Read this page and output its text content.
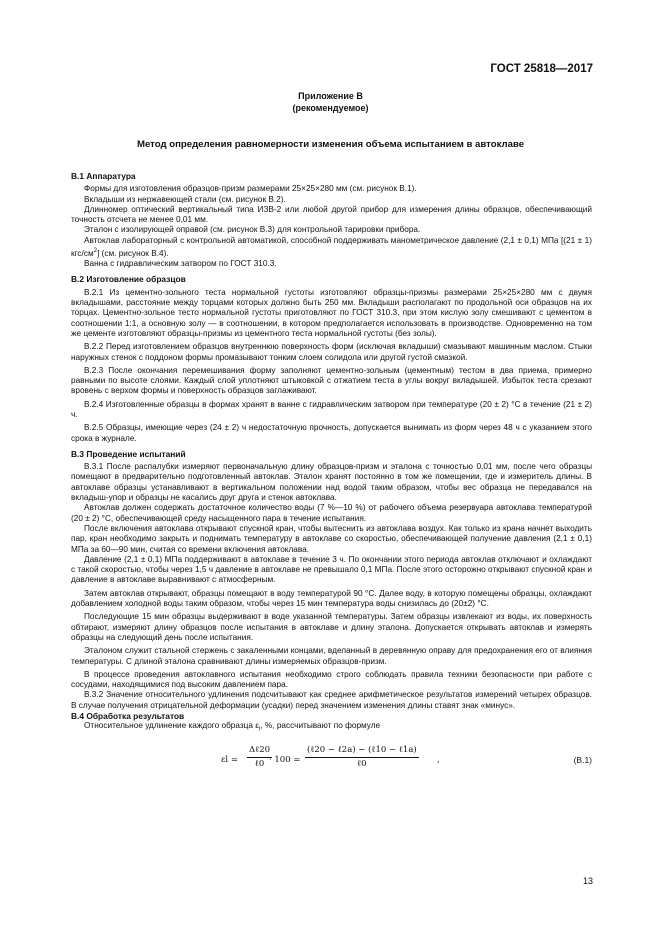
ГОСТ 25818—2017
Приложение В
(рекомендуемое)
Метод определения равномерности изменения объема испытанием в автоклаве
В.1 Аппаратура

Формы для изготовления образцов-призм размерами 25×25×280 мм (см. рисунок В.1).

Вкладыши из нержавеющей стали (см. рисунок В.2).

Длинномер оптический вертикальный типа ИЗВ-2 или любой другой прибор для измерения длины образцов, обеспечивающий точность отсчета не менее 0,01 мм.

Эталон с изолирующей оправой (см. рисунок В.3) для контрольной тарировки прибора.

Автоклав лабораторный с контрольной автоматикой, способной поддерживать манометрическое давление (2,1 ± 0,1) МПа [(21 ± 1) кгс/$см^2$] (см. рисунок В.4).

Ванна с гидравлическим затвором по ГОСТ 310.3.

В.2 Изготовление образцов

В.2.1 Из цементно-зольного теста нормальной густоты изготовляют образцы-призмы размерами 25×25×280 мм с двумя вкладышами, расстояние между торцами которых должно быть 250 мм. Вкладыши располагают по продольной оси образцов на их торцах. Цементно-зольное тесто нормальной густоты приготовляют по ГОСТ 310.3, при этом кислую золу смешивают с цементом в соотношении 1:1, а основную золу — в соотношении, в котором предполагается использовать в производстве. Одновременно на том же цементе изготовляют образцы-призмы из цементного теста нормальной густоты (без золы).

В.2.2 Перед изготовлением образцов внутреннюю поверхность форм (исключая вкладыши) смазывают машинным маслом. Стыки наружных стенок с поддоном формы промазывают тонким слоем солидола или другой густой смазкой.

В.2.3 После окончания перемешивания форму заполняют цементно-зольным (цементным) тестом в два приема, примерно равными по высоте слоями. Каждый слой уплотняют штыковкой с отжатием теста в углы вокруг вкладышей. Избыток теста срезают вровень с верхом формы и поверхность образцов заглаживают.

В.2.4 Изготовленные образцы в формах хранят в ванне с гидравлическим затвором при температуре (20 ± 2) °С в течение (21 ± 2) ч.

В.2.5 Образцы, имеющие через (24 ± 2) ч недостаточную прочность, допускается вынимать из форм через 48 ч с указанием этого срока в журнале.

В.3 Проведение испытаний

В.3.1 После распалубки измеряют первоначальную длину образцов-призм и эталона с точностью 0,01 мм, после чего образцы помещают в предварительно подготовленный автоклав. Эталон хранят постоянно в том же помещении, где и измеритель длины. В автоклаве образцы устанавливают в вертикальном положении над водой таким образом, чтобы вес образца не передавался на вкладыш-упор и образцы не касались друг друга и стенок автоклава.

Автоклав должен содержать достаточное количество воды (7 %—10 %) от рабочего объема резервуара автоклава температурой (20 ± 2) °С, обеспечивающей среду насыщенного пара в течение испытания.

После включения автоклава открывают спускной кран, чтобы вытеснить из автоклава воздух. Как только из крана начнет выходить пар, кран необходимо закрыть и поднимать температуру в автоклаве со скоростью, обеспечивающей получение давления (2,1 ± 0,1) МПа за 60—90 мин, считая со времени включения автоклава.

Давление (2,1 ± 0,1) МПа поддерживают в автоклаве в течение 3 ч. По окончании этого периода автоклав отключают и охлаждают с такой скоростью, чтобы через 1,5 ч давление в автоклаве не превышало 0,1 МПа. После этого осторожно открывают спускной кран и давление в автоклаве выравнивают с атмосферным.

Затем автоклав открывают, образцы помещают в воду температурой 90 °С. Далее воду, в которую помещены образцы, охлаждают добавлением холодной воды таким образом, чтобы через 15 мин температура воды снизилась до (20±2) °С.

Последующие 15 мин образцы выдерживают в воде указанной температуры. Затем образцы извлекают из воды, их поверхность обтирают, измеряют длину образцов после испытания в автоклаве и длину эталона. Допускается открывать автоклав и измерять образцы на следующий день после испытания.

Эталоном служит стальной стержень с закаленными концами, вделанный в деревянную оправу для предохранения его от влияния температуры. С длиной эталона сравнивают длины измеряемых образцов-призм.

В процессе проведения автоклавного испытания необходимо строго соблюдать правила техники безопасности при работе с сосудами, находящимися под высоким давлением пара.

В.3.2 Значение относительного удлинения подсчитывают как среднее арифметическое результатов измерений четырех образцов. В случае получения отрицательной деформации (усадки) перед значением изменения длины ставят знак «минус».

В.4 Обработка результатов

Относительное удлинение каждого образца $\varepsilon_l$, %, рассчитывают по формуле

εl =
Δℓ20
ℓ0 · 100 =
(ℓ20 − ℓ2a) − (ℓ10 − ℓ1a)
ℓ0	,	(В.1)
13
